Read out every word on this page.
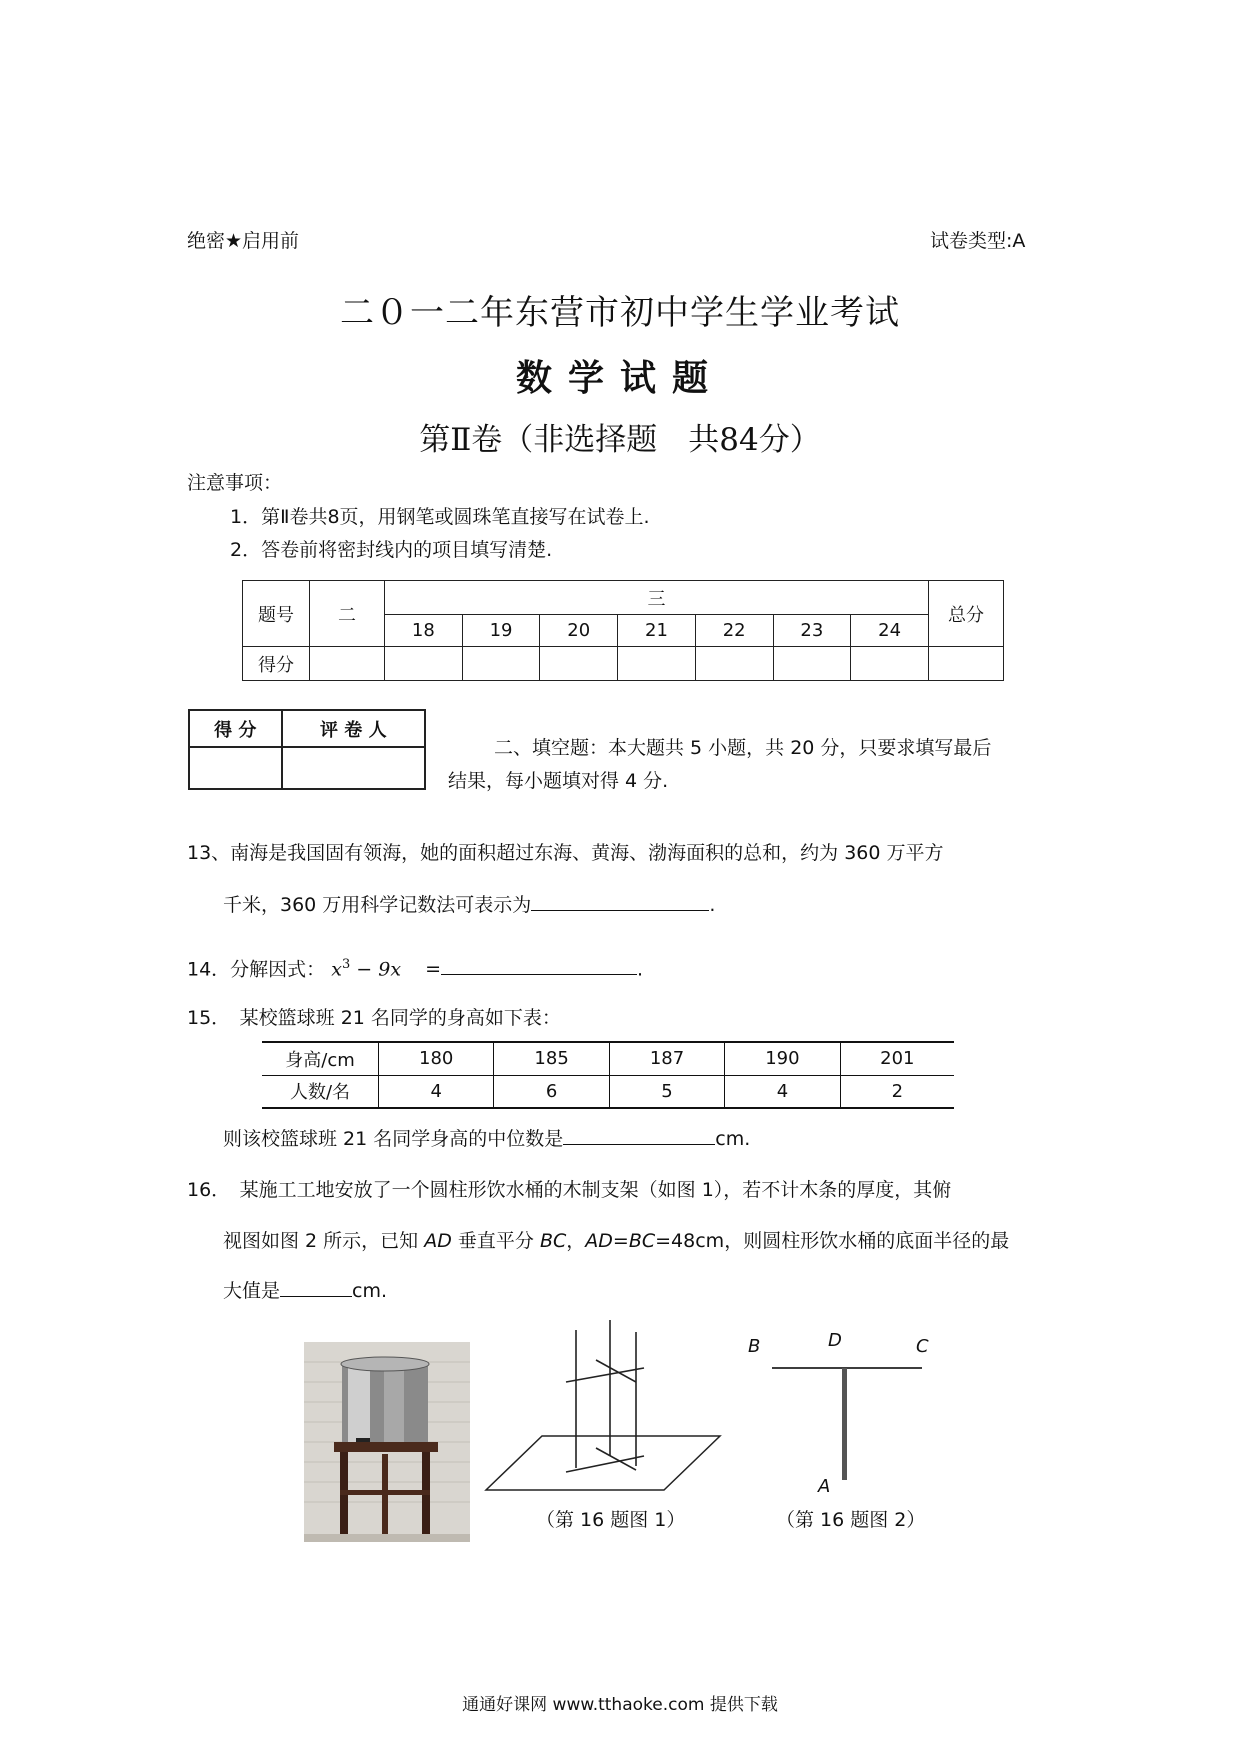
绝密★启用前	试卷类型:A
二０一二年东营市初中学生学业考试
数学试题
第Ⅱ卷（非选择题　共84分）
注意事项：
1．第Ⅱ卷共8页，用钢笔或圆珠笔直接写在试卷上.
2．答卷前将密封线内的项目填写清楚.
题号	二	三							总分
		18	19	20	21	22	23	24	
得分									
得 分	评 卷 人

二、填空题：本大题共 5 小题，共 20 分，只要求填写最后
结果，每小题填对得 4 分.
13、南海是我国固有领海，她的面积超过东海、黄海、渤海面积的总和，约为 360 万平方
千米，360 万用科学记数法可表示为	.
14．分解因式： $x^3 - 9x$ =	.
15．　某校篮球班 21 名同学的身高如下表：
身高/cm	180	185	187	190	201
人数/名	4	6	5	4	2
则该校篮球班 21 名同学身高的中位数是	cm.
16．　某施工工地安放了一个圆柱形饮水桶的木制支架（如图 1），若不计木条的厚度，其俯
视图如图 2 所示，已知 AD 垂直平分 BC，AD=BC=48cm，则圆柱形饮水桶的底面半径的最
大值是	cm.
（第 16 题图 1）
B	D	C
A
（第 16 题图 2）
通通好课网 www.tthaoke.com 提供下载
